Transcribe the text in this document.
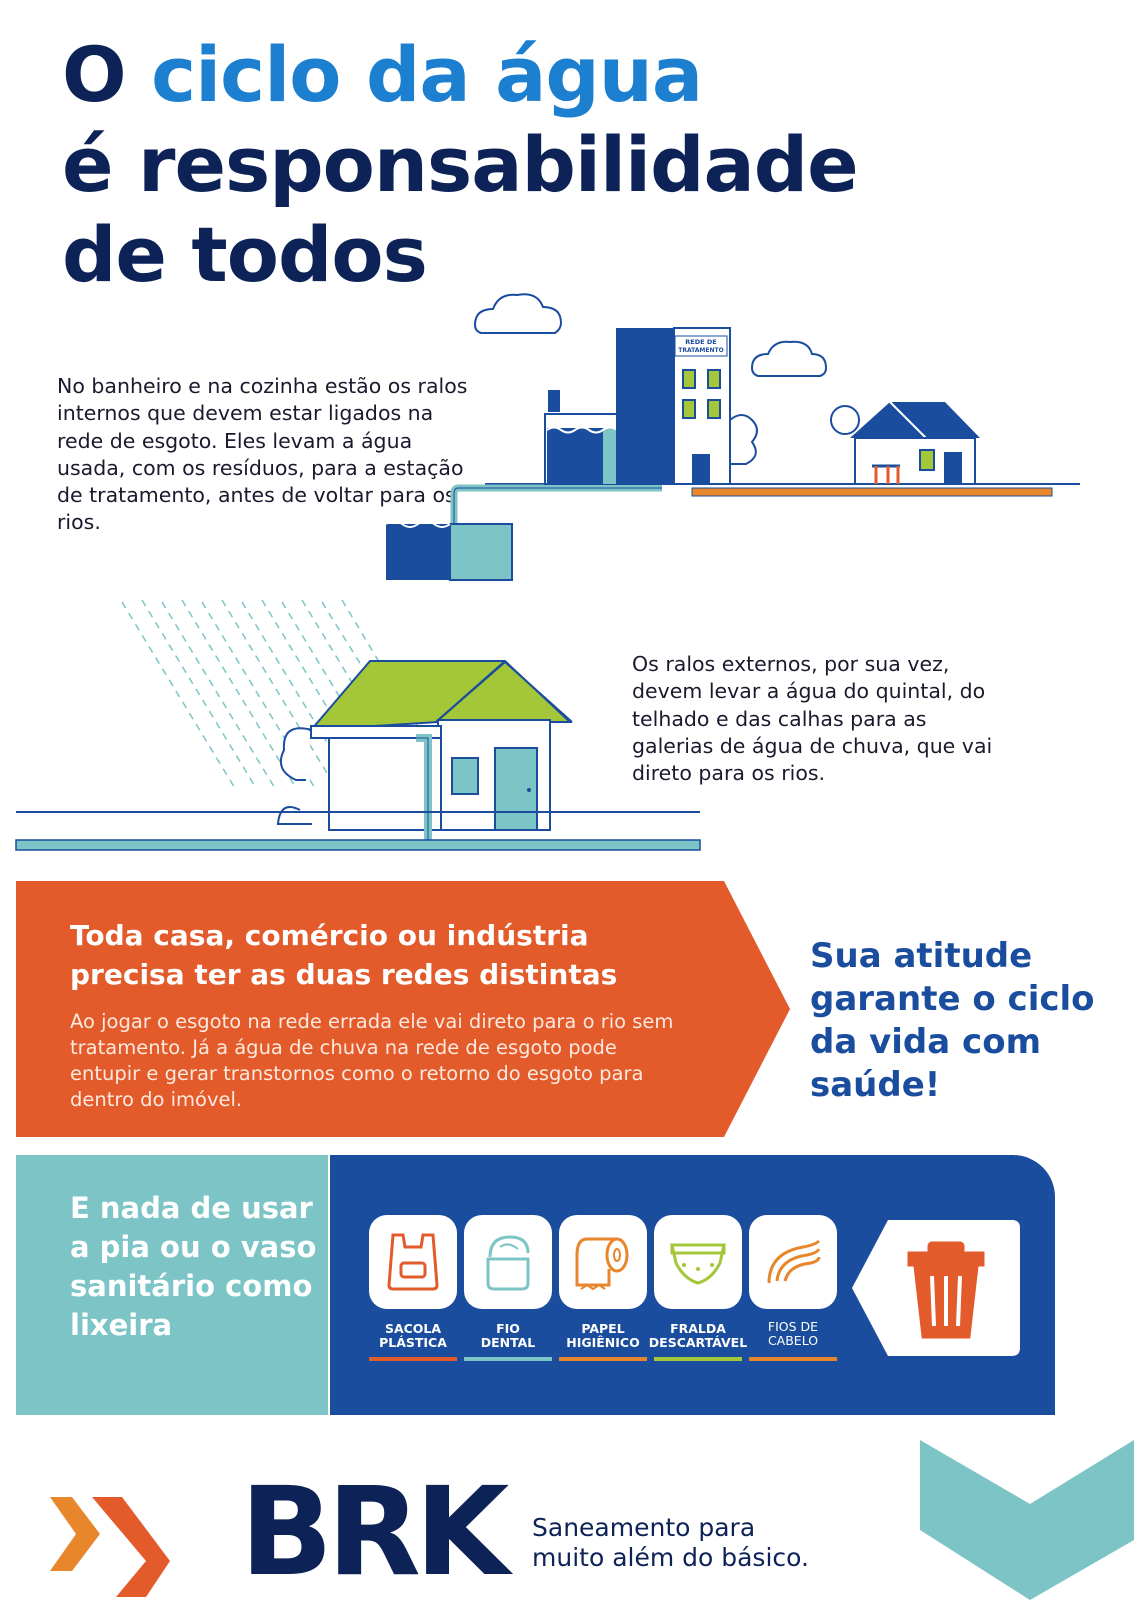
O ciclo da água
é responsabilidade
de todos
No banheiro e na cozinha estão os ralos internos que devem estar ligados na rede de esgoto. Eles levam a água usada, com os resíduos, para a estação de tratamento, antes de voltar para os rios.
REDE DE
TRATAMENTO
Os ralos externos, por sua vez, devem levar a água do quintal, do telhado e das calhas para as galerias de água de chuva, que vai direto para os rios.
Toda casa, comércio ou indústria precisa ter as duas redes distintas
Ao jogar o esgoto na rede errada ele vai direto para o rio sem tratamento. Já a água de chuva na rede de esgoto pode entupir e gerar transtornos como o retorno do esgoto para dentro do imóvel.
Sua atitude garante o ciclo da vida com saúde!
E nada de usar a pia ou o vaso sanitário como lixeira	SACOLA
PLÁSTICA
FIO
DENTAL
PAPEL
HIGIÊNICO
FRALDA
DESCARTÁVEL
FIOS DE
CABELO
BRK Saneamento para
muito além do básico.
